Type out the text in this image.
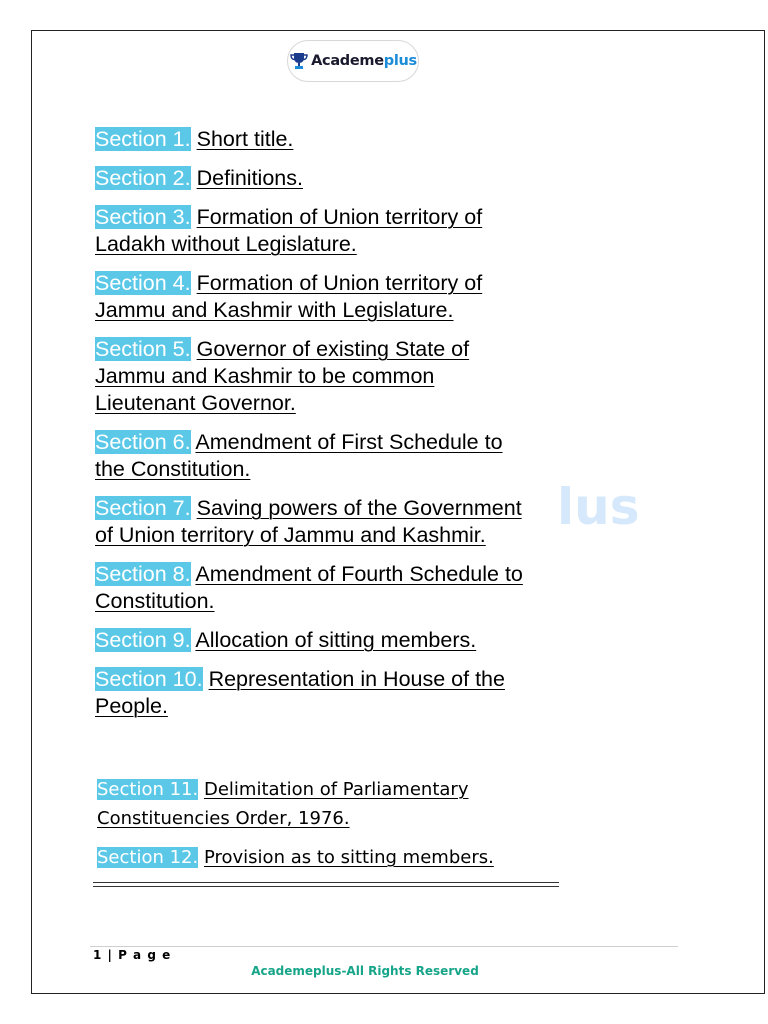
Academeplus
lus
Section 1. Short title.
Section 2. Definitions.
Section 3. Formation of Union territory of
Ladakh without Legislature.
Section 4. Formation of Union territory of
Jammu and Kashmir with Legislature.
Section 5. Governor of existing State of
Jammu and Kashmir to be common
Lieutenant Governor.
Section 6. Amendment of First Schedule to
the Constitution.
Section 7. Saving powers of the Government
of Union territory of Jammu and Kashmir.
Section 8. Amendment of Fourth Schedule to
Constitution.
Section 9. Allocation of sitting members.
Section 10. Representation in House of the
People.
Section 11. Delimitation of Parliamentary
Constituencies Order, 1976.
Section 12. Provision as to sitting members.
1 | P a g e
Academeplus-All Rights Reserved
